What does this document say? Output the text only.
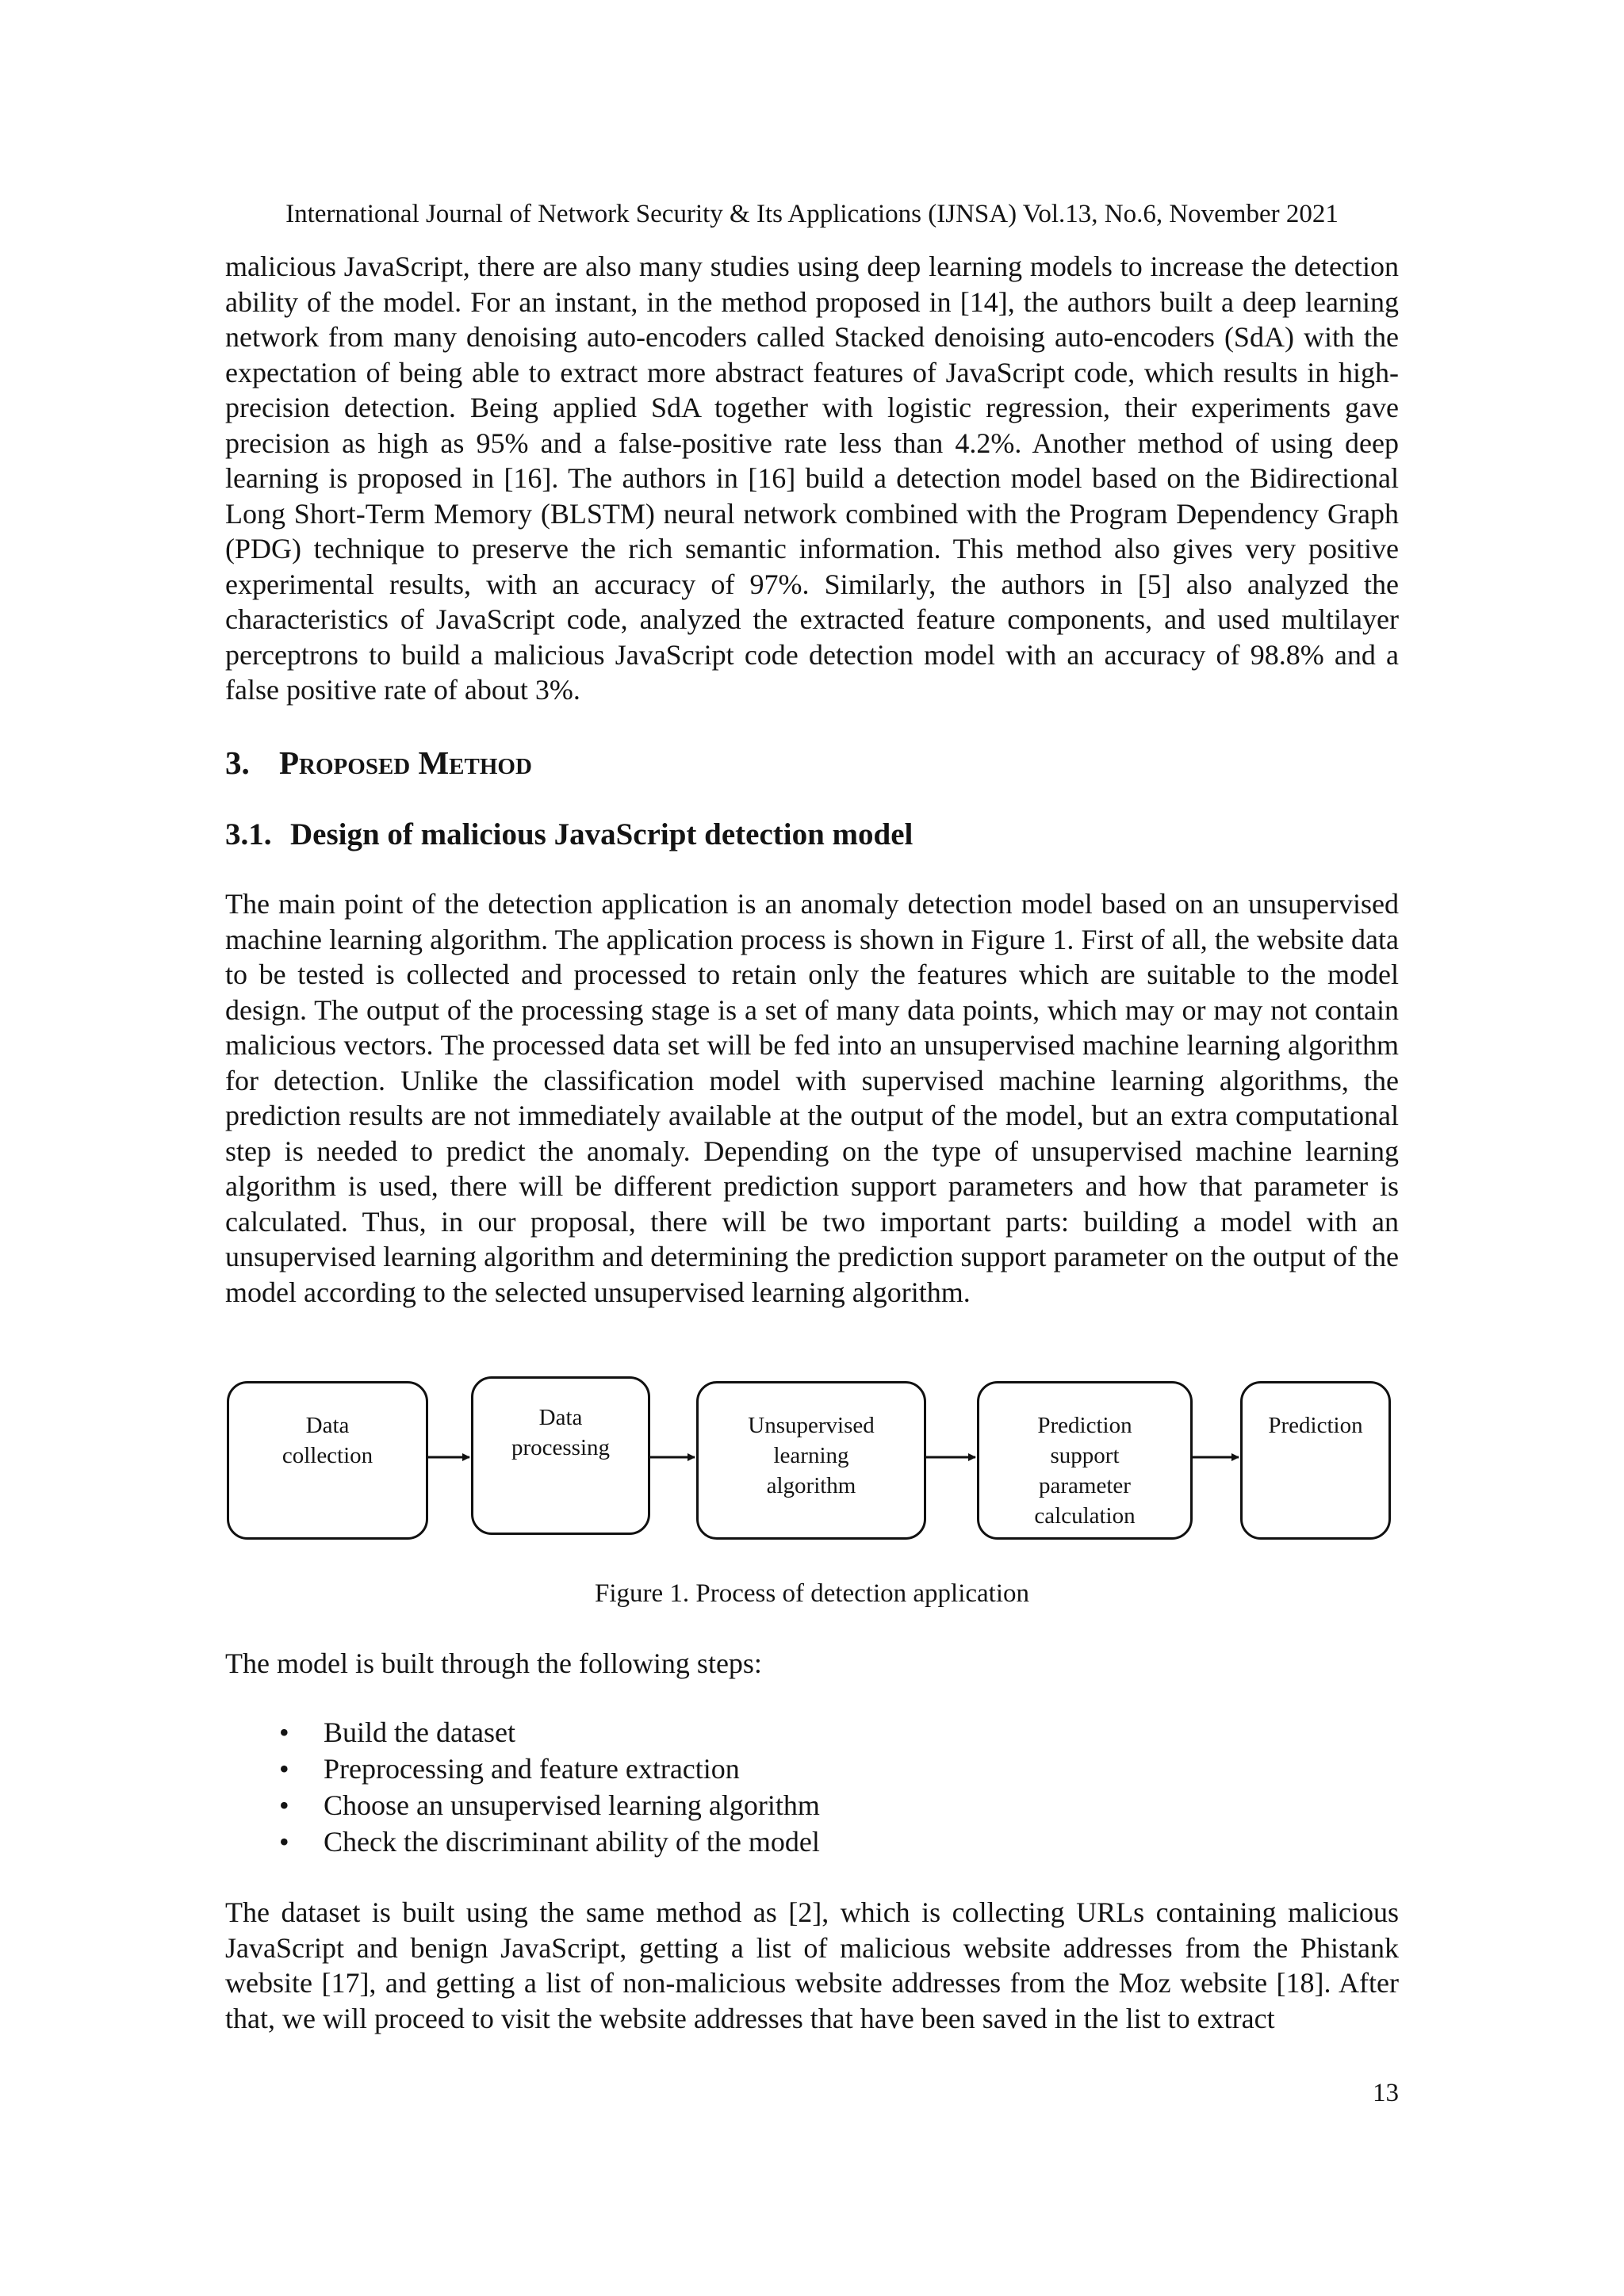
International Journal of Network Security & Its Applications (IJNSA) Vol.13, No.6, November 2021
malicious JavaScript, there are also many studies using deep learning models to increase the detection ability of the model. For an instant, in the method proposed in [14], the authors built a deep learning network from many denoising auto-encoders called Stacked denoising auto-encoders (SdA) with the expectation of being able to extract more abstract features of JavaScript code, which results in high-precision detection. Being applied SdA together with logistic regression, their experiments gave precision as high as 95% and a false-positive rate less than 4.2%. Another method of using deep learning is proposed in [16]. The authors in [16] build a detection model based on the Bidirectional Long Short-Term Memory (BLSTM) neural network combined with the Program Dependency Graph (PDG) technique to preserve the rich semantic information. This method also gives very positive experimental results, with an accuracy of 97%. Similarly, the authors in [5] also analyzed the characteristics of JavaScript code, analyzed the extracted feature components, and used multilayer perceptrons to build a malicious JavaScript code detection model with an accuracy of 98.8% and a false positive rate of about 3%.
3. Proposed Method
3.1. Design of malicious JavaScript detection model
The main point of the detection application is an anomaly detection model based on an unsupervised machine learning algorithm. The application process is shown in Figure 1. First of all, the website data to be tested is collected and processed to retain only the features which are suitable to the model design. The output of the processing stage is a set of many data points, which may or may not contain malicious vectors. The processed data set will be fed into an unsupervised machine learning algorithm for detection. Unlike the classification model with supervised machine learning algorithms, the prediction results are not immediately available at the output of the model, but an extra computational step is needed to predict the anomaly. Depending on the type of unsupervised machine learning algorithm is used, there will be different prediction support parameters and how that parameter is calculated. Thus, in our proposal, there will be two important parts: building a model with an unsupervised learning algorithm and determining the prediction support parameter on the output of the model according to the selected unsupervised learning algorithm.
Data
collection
Data
processing
Unsupervised
learning
algorithm
Prediction
support
parameter
calculation
Prediction
Figure 1. Process of detection application
The model is built through the following steps:
• Build the dataset
• Preprocessing and feature extraction
• Choose an unsupervised learning algorithm
• Check the discriminant ability of the model
The dataset is built using the same method as [2], which is collecting URLs containing malicious JavaScript and benign JavaScript, getting a list of malicious website addresses from the Phistank website [17], and getting a list of non-malicious website addresses from the Moz website [18]. After that, we will proceed to visit the website addresses that have been saved in the list to extract
13
